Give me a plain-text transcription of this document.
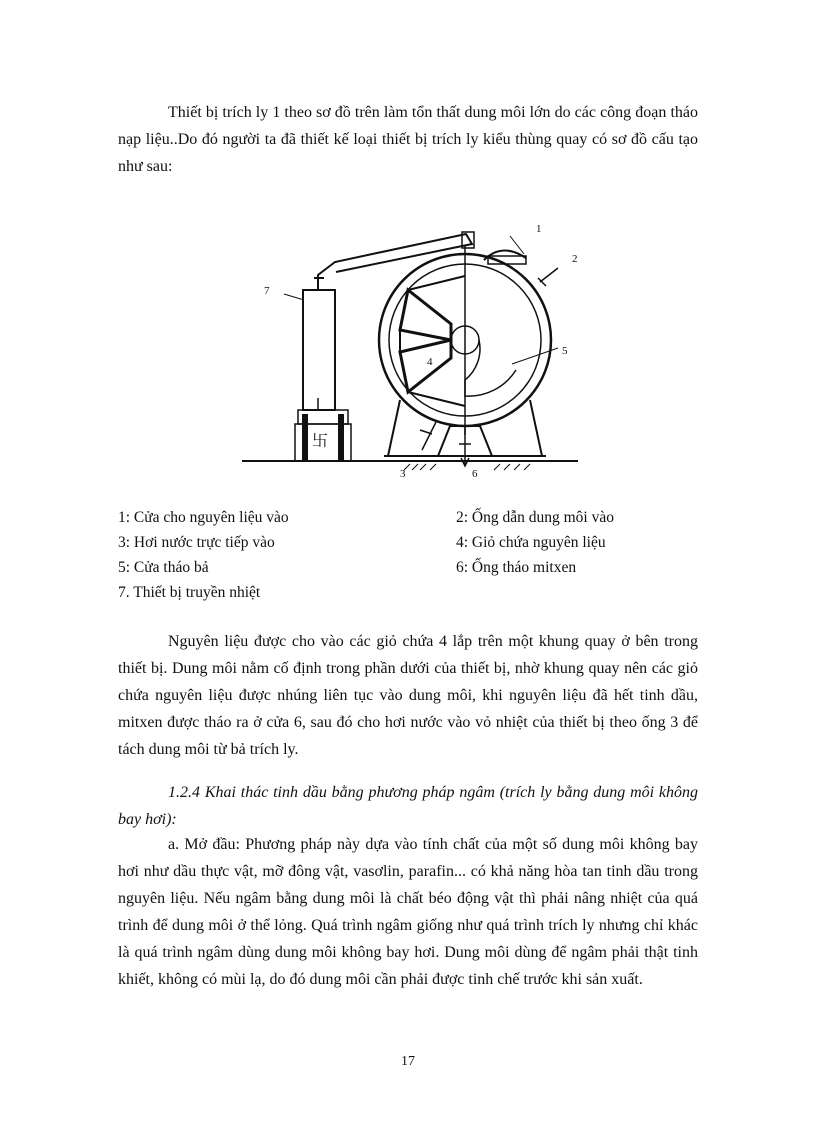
Thiết bị trích ly 1 theo sơ đồ trên làm tổn thất dung môi lớn do các công đoạn tháo nạp liệu..Do đó người ta đã thiết kế loại thiết bị trích ly kiểu thùng quay có sơ đồ cấu tạo như sau:

1
2
3
4
5
6
7
卐
1: Cửa cho nguyên liệu vào	2: Ống dẫn dung môi vào
3: Hơi nước trực tiếp vào	4: Giỏ chứa nguyên liệu
5: Cửa tháo bả	6: Ống tháo mitxen
7. Thiết bị truyền nhiệt

Nguyên liệu được cho vào các giỏ chứa 4 lắp trên một khung quay ở bên trong thiết bị. Dung môi nằm cố định trong phần dưới của thiết bị, nhờ khung quay nên các giỏ chứa nguyên liệu được nhúng liên tục vào dung môi, khi nguyên liệu đã hết tinh dầu, mitxen được tháo ra ở cửa 6, sau đó cho hơi nước vào vỏ nhiệt của thiết bị theo ống 3 để tách dung môi từ bả trích ly.

1.2.4 Khai thác tinh dầu bằng phương pháp ngâm (trích ly bằng dung môi không bay hơi):

a. Mở đầu: Phương pháp này dựa vào tính chất của một số dung môi không bay hơi như dầu thực vật, mỡ đông vật, vasơlin, parafin... có khả năng hòa tan tinh dầu trong nguyên liệu. Nếu ngâm bằng dung môi là chất béo động vật thì phải nâng nhiệt của quá trình để dung môi ở thể lỏng. Quá trình ngâm giống như quá trình trích ly nhưng chỉ khác là quá trình ngâm dùng dung môi không bay hơi. Dung môi dùng để ngâm phải thật tinh khiết, không có mùi lạ, do đó dung môi cần phải được tinh chế trước khi sản xuất.

17
